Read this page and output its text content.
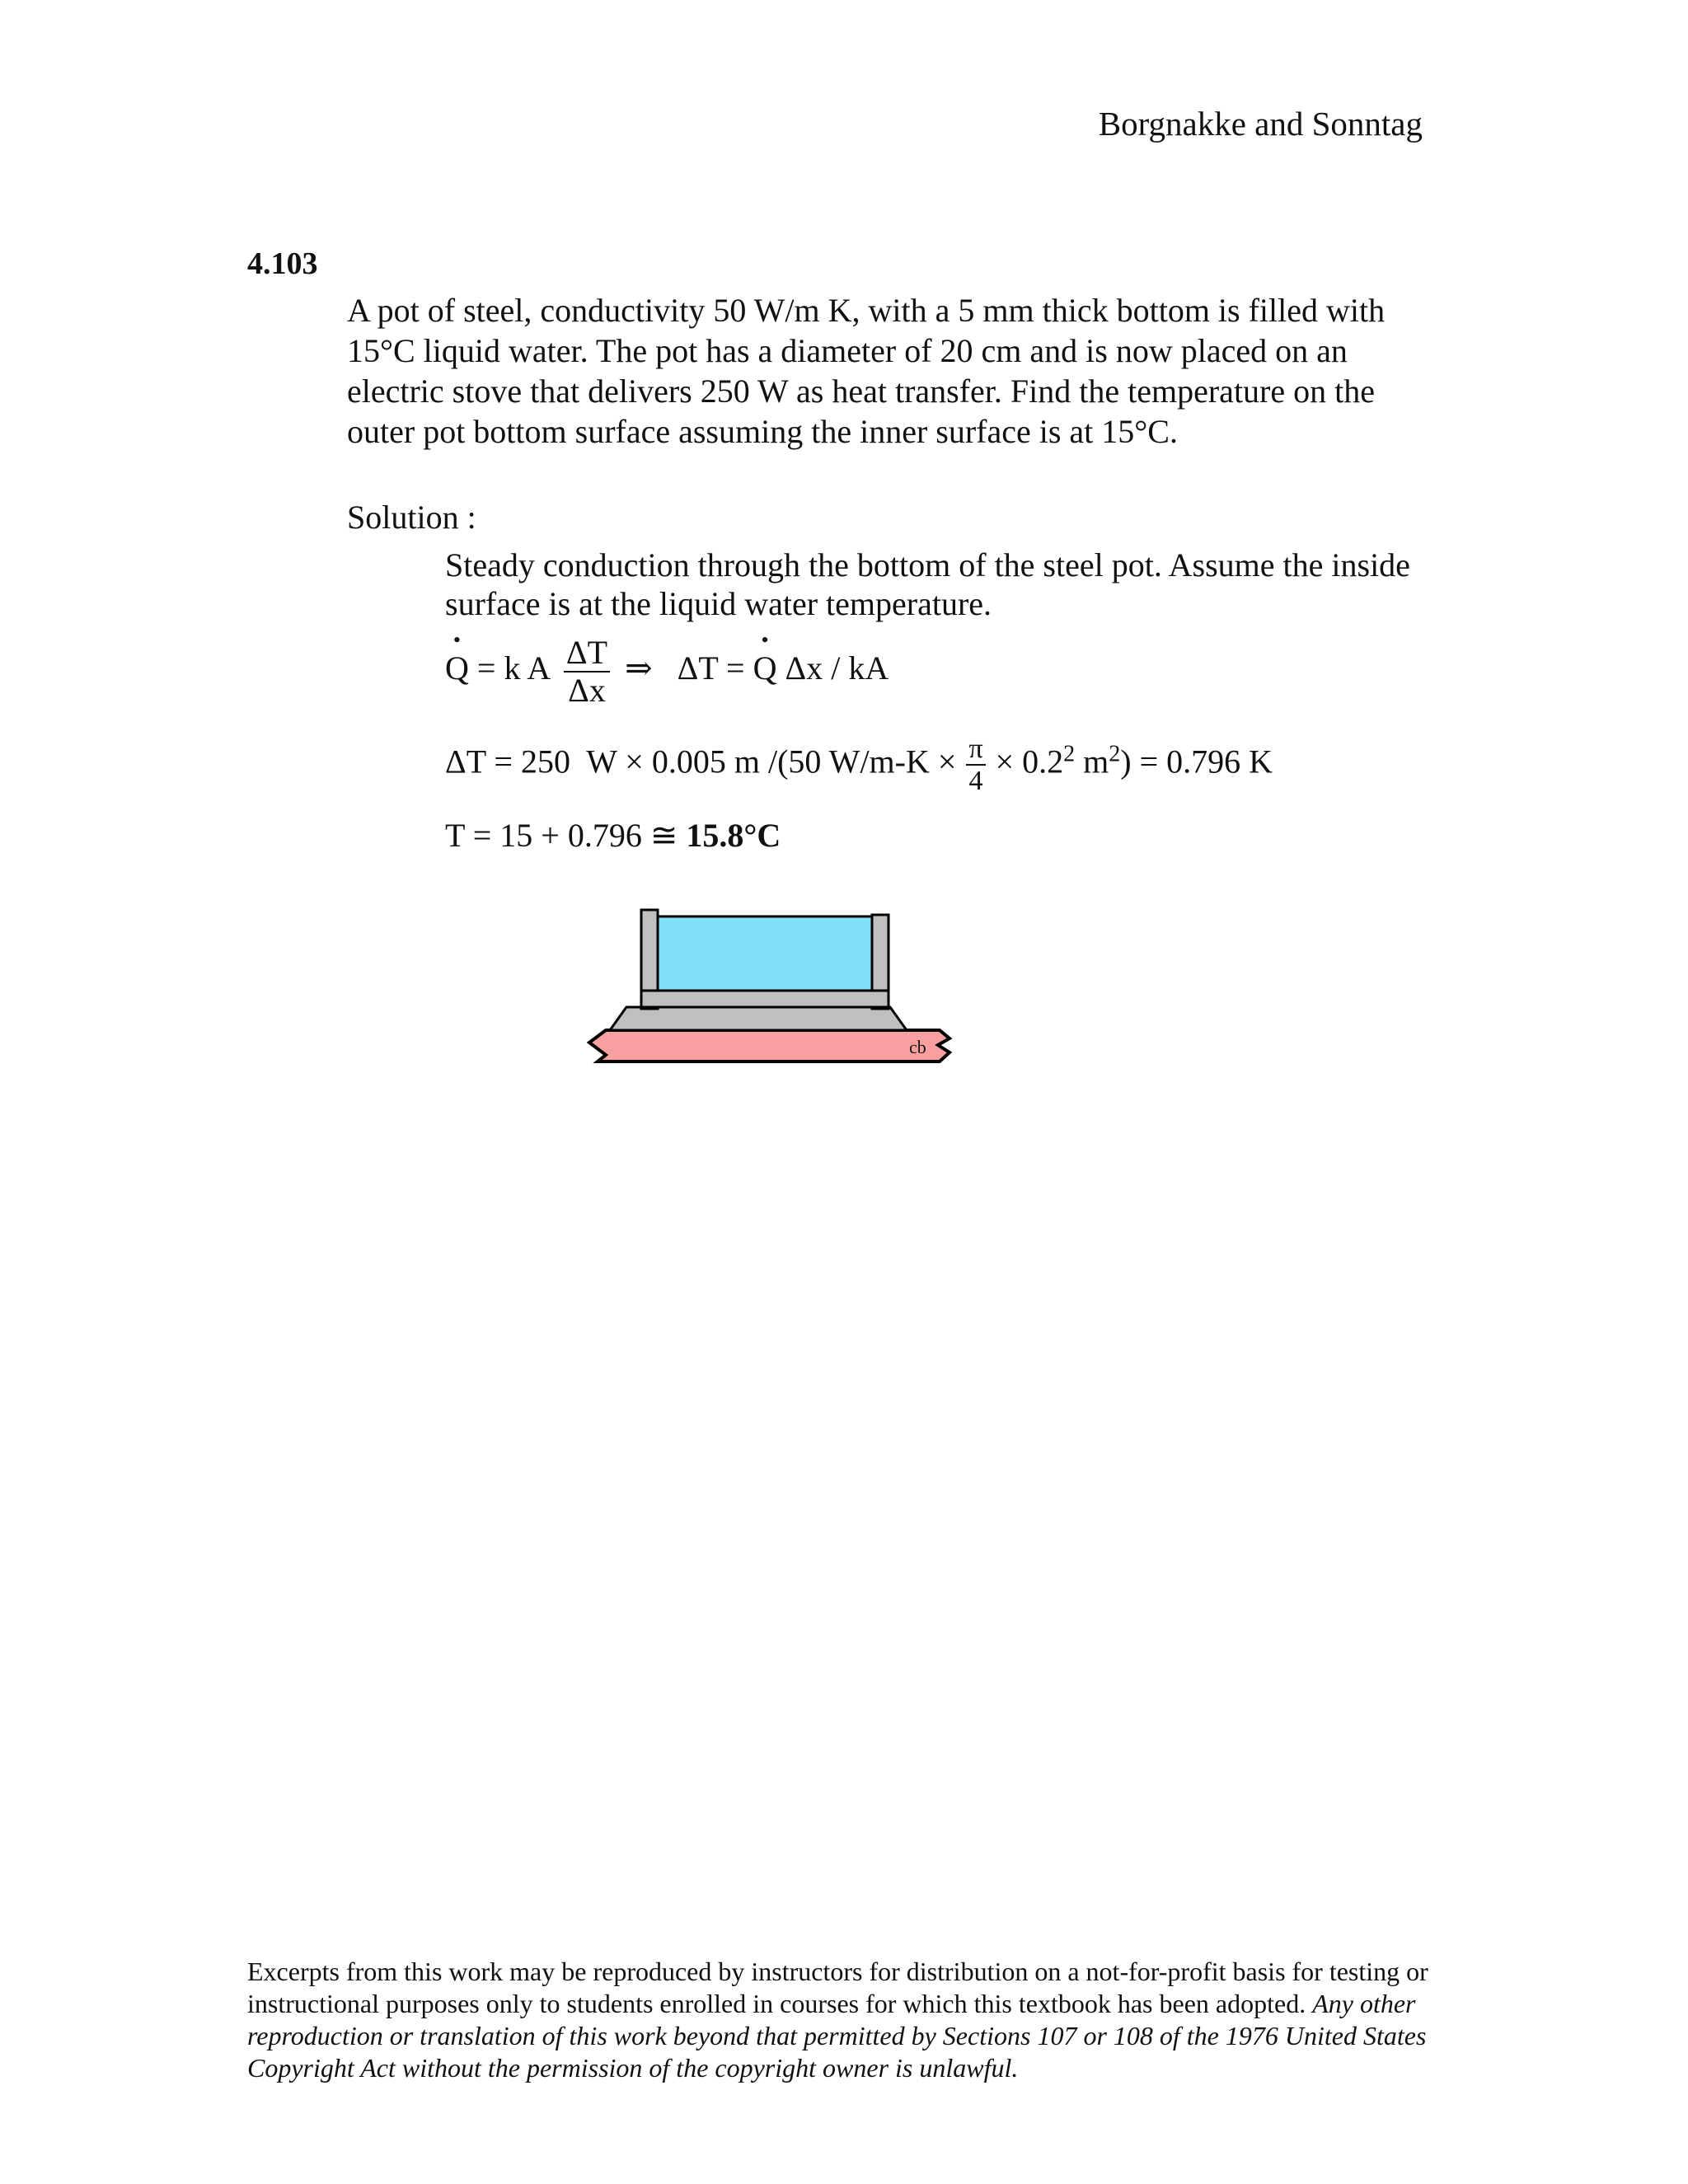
Borgnakke and Sonntag
4.103
A pot of steel, conductivity 50 W/m K, with a 5 mm thick bottom is filled with 15°C liquid water. The pot has a diameter of 20 cm and is now placed on an electric stove that delivers 250 W as heat transfer. Find the temperature on the outer pot bottom surface assuming the inner surface is at 15°C.
Solution :
Steady conduction through the bottom of the steel pot. Assume the inside surface is at the liquid water temperature.
• Q = k A $\frac{\Delta T}{\Delta x}$ ⇒   ΔT = • Q Δx / kA
ΔT = 250  W × 0.005 m /(50 $W/m-K \times \frac{\pi}{4} \times 0.2^2$ $m^2) = 0.796$ K
T = 15 + 0.796 ≅ 15.8°C
cb
Excerpts from this work may be reproduced by instructors for distribution on a not-for-profit basis for testing or instructional purposes only to students enrolled in courses for which this textbook has been adopted. Any other reproduction or translation of this work beyond that permitted by Sections 107 or 108 of the 1976 United States Copyright Act without the permission of the copyright owner is unlawful.
